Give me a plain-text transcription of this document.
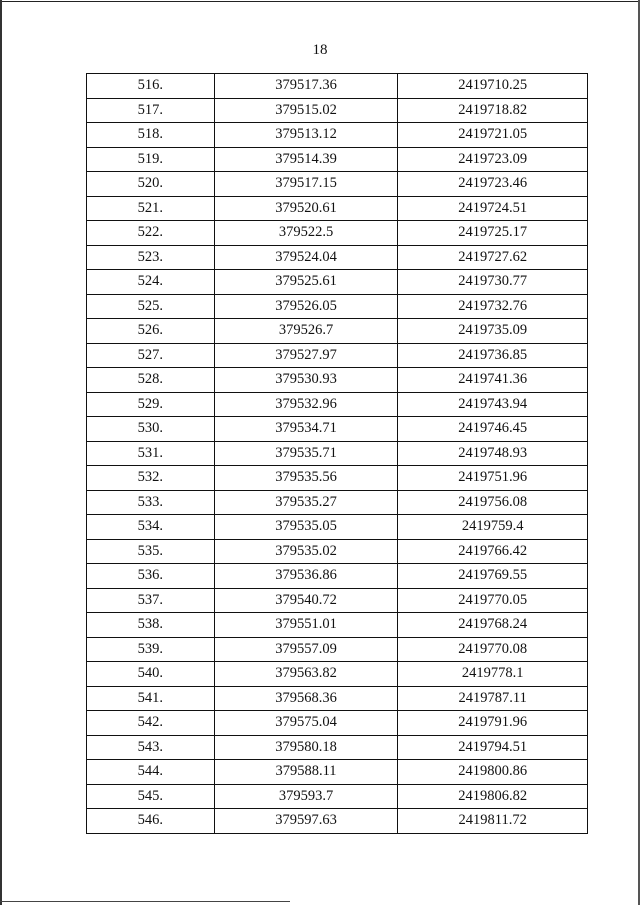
18
516.	379517.36	2419710.25
517.	379515.02	2419718.82
518.	379513.12	2419721.05
519.	379514.39	2419723.09
520.	379517.15	2419723.46
521.	379520.61	2419724.51
522.	379522.5	2419725.17
523.	379524.04	2419727.62
524.	379525.61	2419730.77
525.	379526.05	2419732.76
526.	379526.7	2419735.09
527.	379527.97	2419736.85
528.	379530.93	2419741.36
529.	379532.96	2419743.94
530.	379534.71	2419746.45
531.	379535.71	2419748.93
532.	379535.56	2419751.96
533.	379535.27	2419756.08
534.	379535.05	2419759.4
535.	379535.02	2419766.42
536.	379536.86	2419769.55
537.	379540.72	2419770.05
538.	379551.01	2419768.24
539.	379557.09	2419770.08
540.	379563.82	2419778.1
541.	379568.36	2419787.11
542.	379575.04	2419791.96
543.	379580.18	2419794.51
544.	379588.11	2419800.86
545.	379593.7	2419806.82
546.	379597.63	2419811.72
